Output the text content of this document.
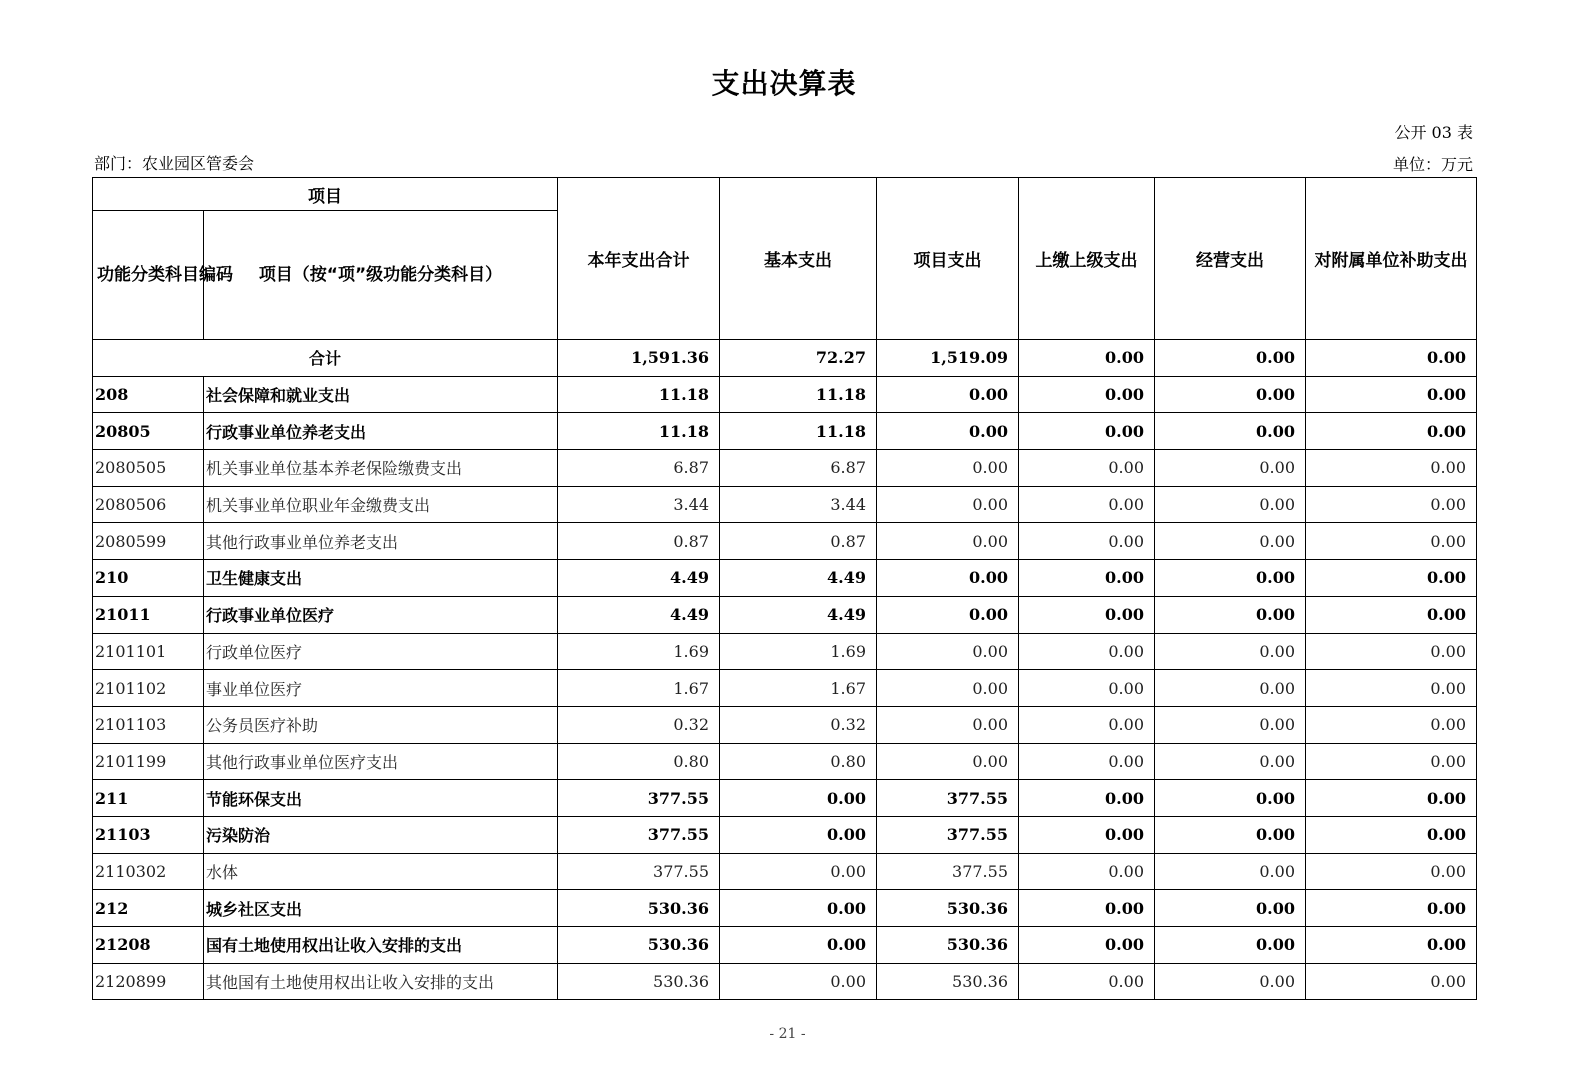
支出决算表
公开 03 表
部门：农业园区管委会	单位：万元
项目		本年支出合计	基本支出	项目支出	上缴上级支出	经营支出	对附属单位补助支出
功能分类科目编码	项目（按“项”级功能分类科目）						
合计		1,591.36	72.27	1,519.09	0.00	0.00	0.00
208	社会保障和就业支出	11.18	11.18	0.00	0.00	0.00	0.00
20805	行政事业单位养老支出	11.18	11.18	0.00	0.00	0.00	0.00
2080505	机关事业单位基本养老保险缴费支出	6.87	6.87	0.00	0.00	0.00	0.00
2080506	机关事业单位职业年金缴费支出	3.44	3.44	0.00	0.00	0.00	0.00
2080599	其他行政事业单位养老支出	0.87	0.87	0.00	0.00	0.00	0.00
210	卫生健康支出	4.49	4.49	0.00	0.00	0.00	0.00
21011	行政事业单位医疗	4.49	4.49	0.00	0.00	0.00	0.00
2101101	行政单位医疗	1.69	1.69	0.00	0.00	0.00	0.00
2101102	事业单位医疗	1.67	1.67	0.00	0.00	0.00	0.00
2101103	公务员医疗补助	0.32	0.32	0.00	0.00	0.00	0.00
2101199	其他行政事业单位医疗支出	0.80	0.80	0.00	0.00	0.00	0.00
211	节能环保支出	377.55	0.00	377.55	0.00	0.00	0.00
21103	污染防治	377.55	0.00	377.55	0.00	0.00	0.00
2110302	水体	377.55	0.00	377.55	0.00	0.00	0.00
212	城乡社区支出	530.36	0.00	530.36	0.00	0.00	0.00
21208	国有土地使用权出让收入安排的支出	530.36	0.00	530.36	0.00	0.00	0.00
2120899	其他国有土地使用权出让收入安排的支出	530.36	0.00	530.36	0.00	0.00	0.00
- 21 -
